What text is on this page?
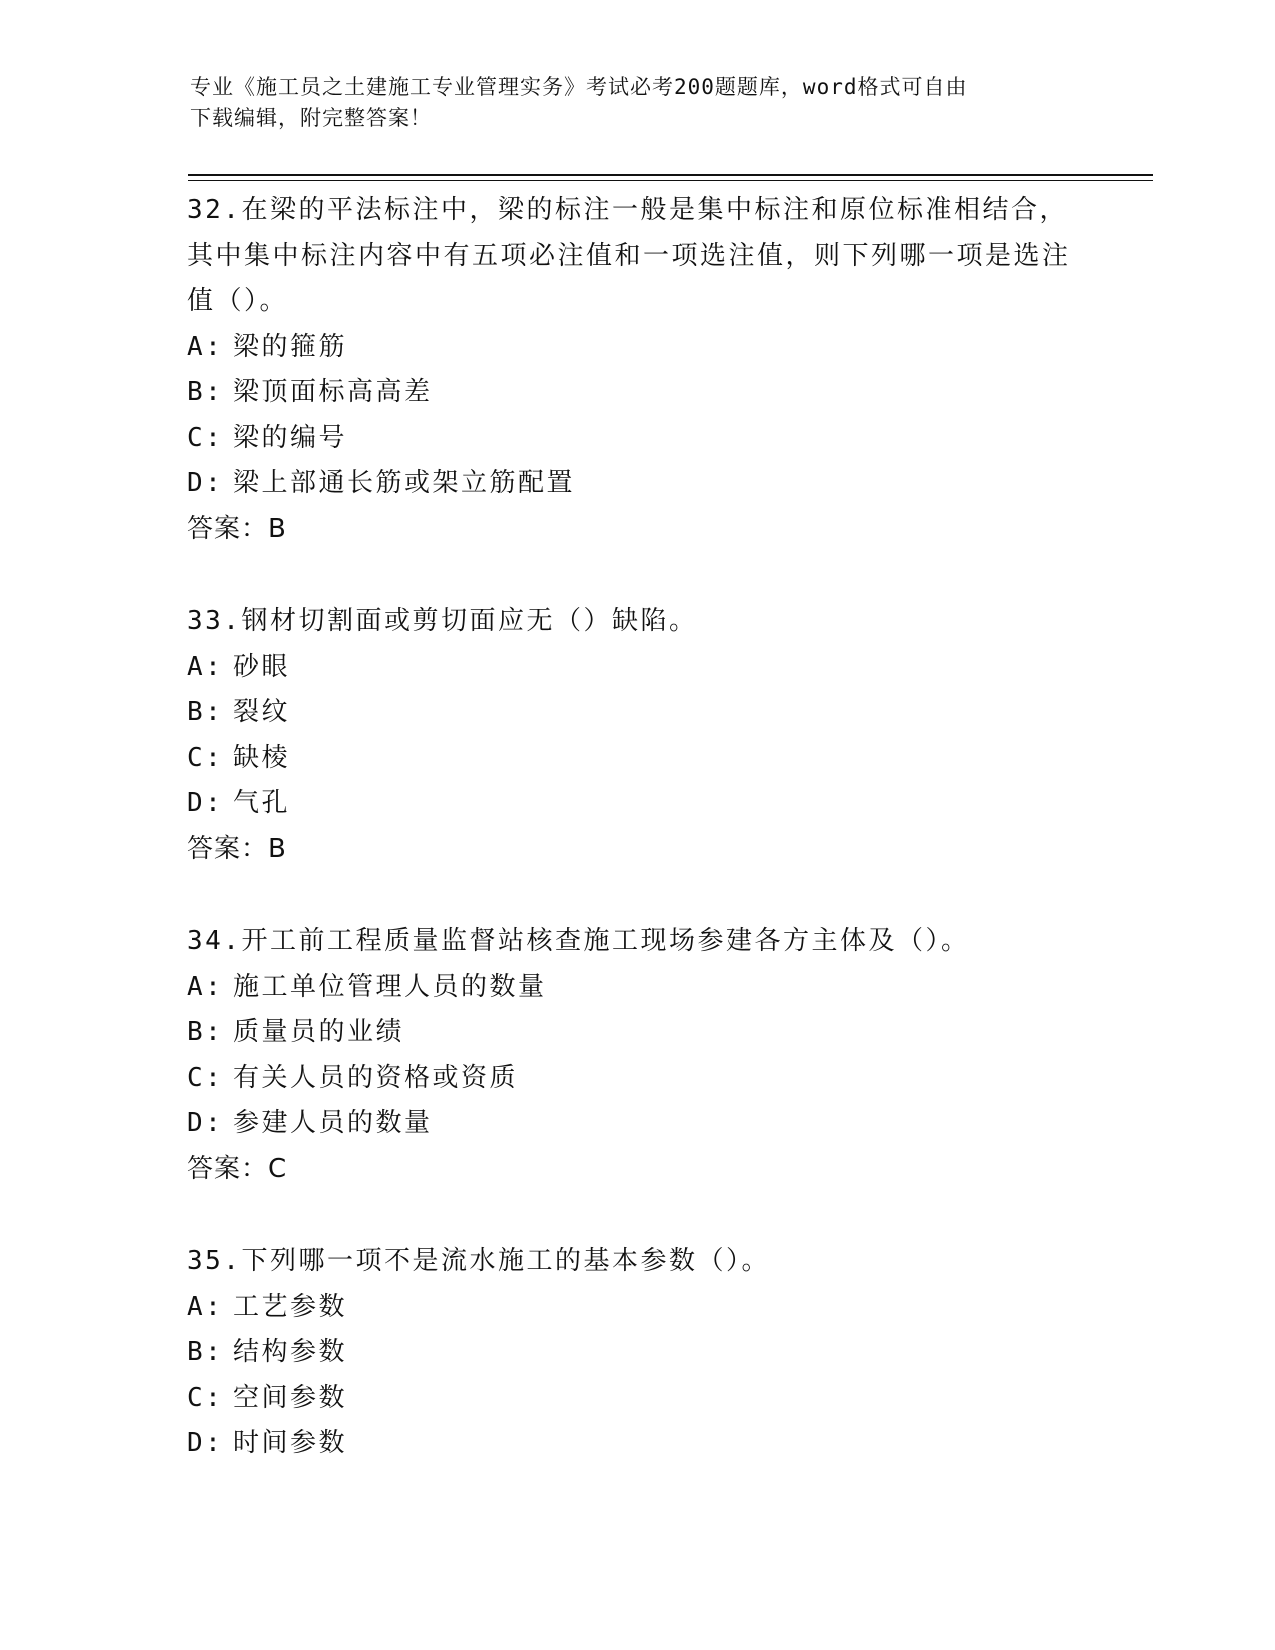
专业《施工员之土建施工专业管理实务》考试必考200题题库，word格式可自由
下载编辑，附完整答案！
32.在梁的平法标注中，梁的标注一般是集中标注和原位标准相结合，其中集中标注内容中有五项必注值和一项选注值，则下列哪一项是选注值（）。
A: 梁的箍筋
B: 梁顶面标高高差
C: 梁的编号
D: 梁上部通长筋或架立筋配置
答案：B
33.钢材切割面或剪切面应无（）缺陷。
A: 砂眼
B: 裂纹
C: 缺棱
D: 气孔
答案：B
34.开工前工程质量监督站核查施工现场参建各方主体及（）。
A: 施工单位管理人员的数量
B: 质量员的业绩
C: 有关人员的资格或资质
D: 参建人员的数量
答案：C
35.下列哪一项不是流水施工的基本参数（）。
A: 工艺参数
B: 结构参数
C: 空间参数
D: 时间参数
